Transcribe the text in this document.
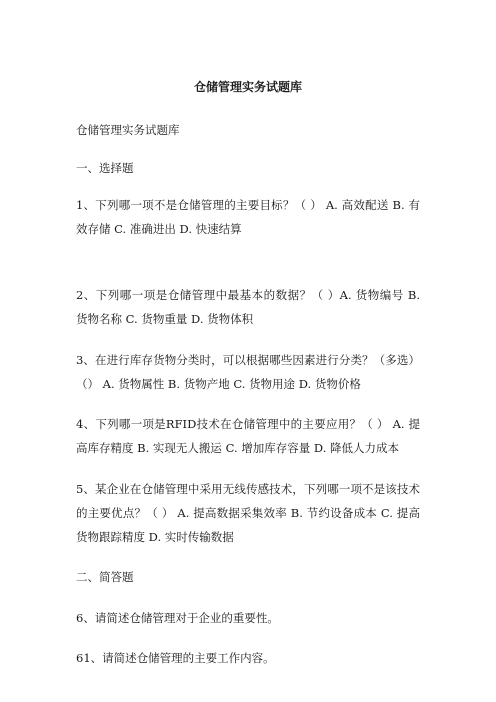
仓储管理实务试题库
仓储管理实务试题库
一、选择题
1、下列哪一项不是仓储管理的主要目标？（ ） A. 高效配送 B. 有效存储 C. 准确进出 D. 快速结算
2、下列哪一项是仓储管理中最基本的数据？（ ）A. 货物编号 B. 货物名称 C. 货物重量 D. 货物体积
3、在进行库存货物分类时，可以根据哪些因素进行分类？（多选）（） A. 货物属性 B. 货物产地 C. 货物用途 D. 货物价格
4、下列哪一项是RFID技术在仓储管理中的主要应用？（ ） A. 提高库存精度 B. 实现无人搬运 C. 增加库存容量 D. 降低人力成本
5、某企业在仓储管理中采用无线传感技术，下列哪一项不是该技术的主要优点？（ ） A. 提高数据采集效率 B. 节约设备成本 C. 提高货物跟踪精度 D. 实时传输数据
二、简答题
6、请简述仓储管理对于企业的重要性。
61、请简述仓储管理的主要工作内容。
